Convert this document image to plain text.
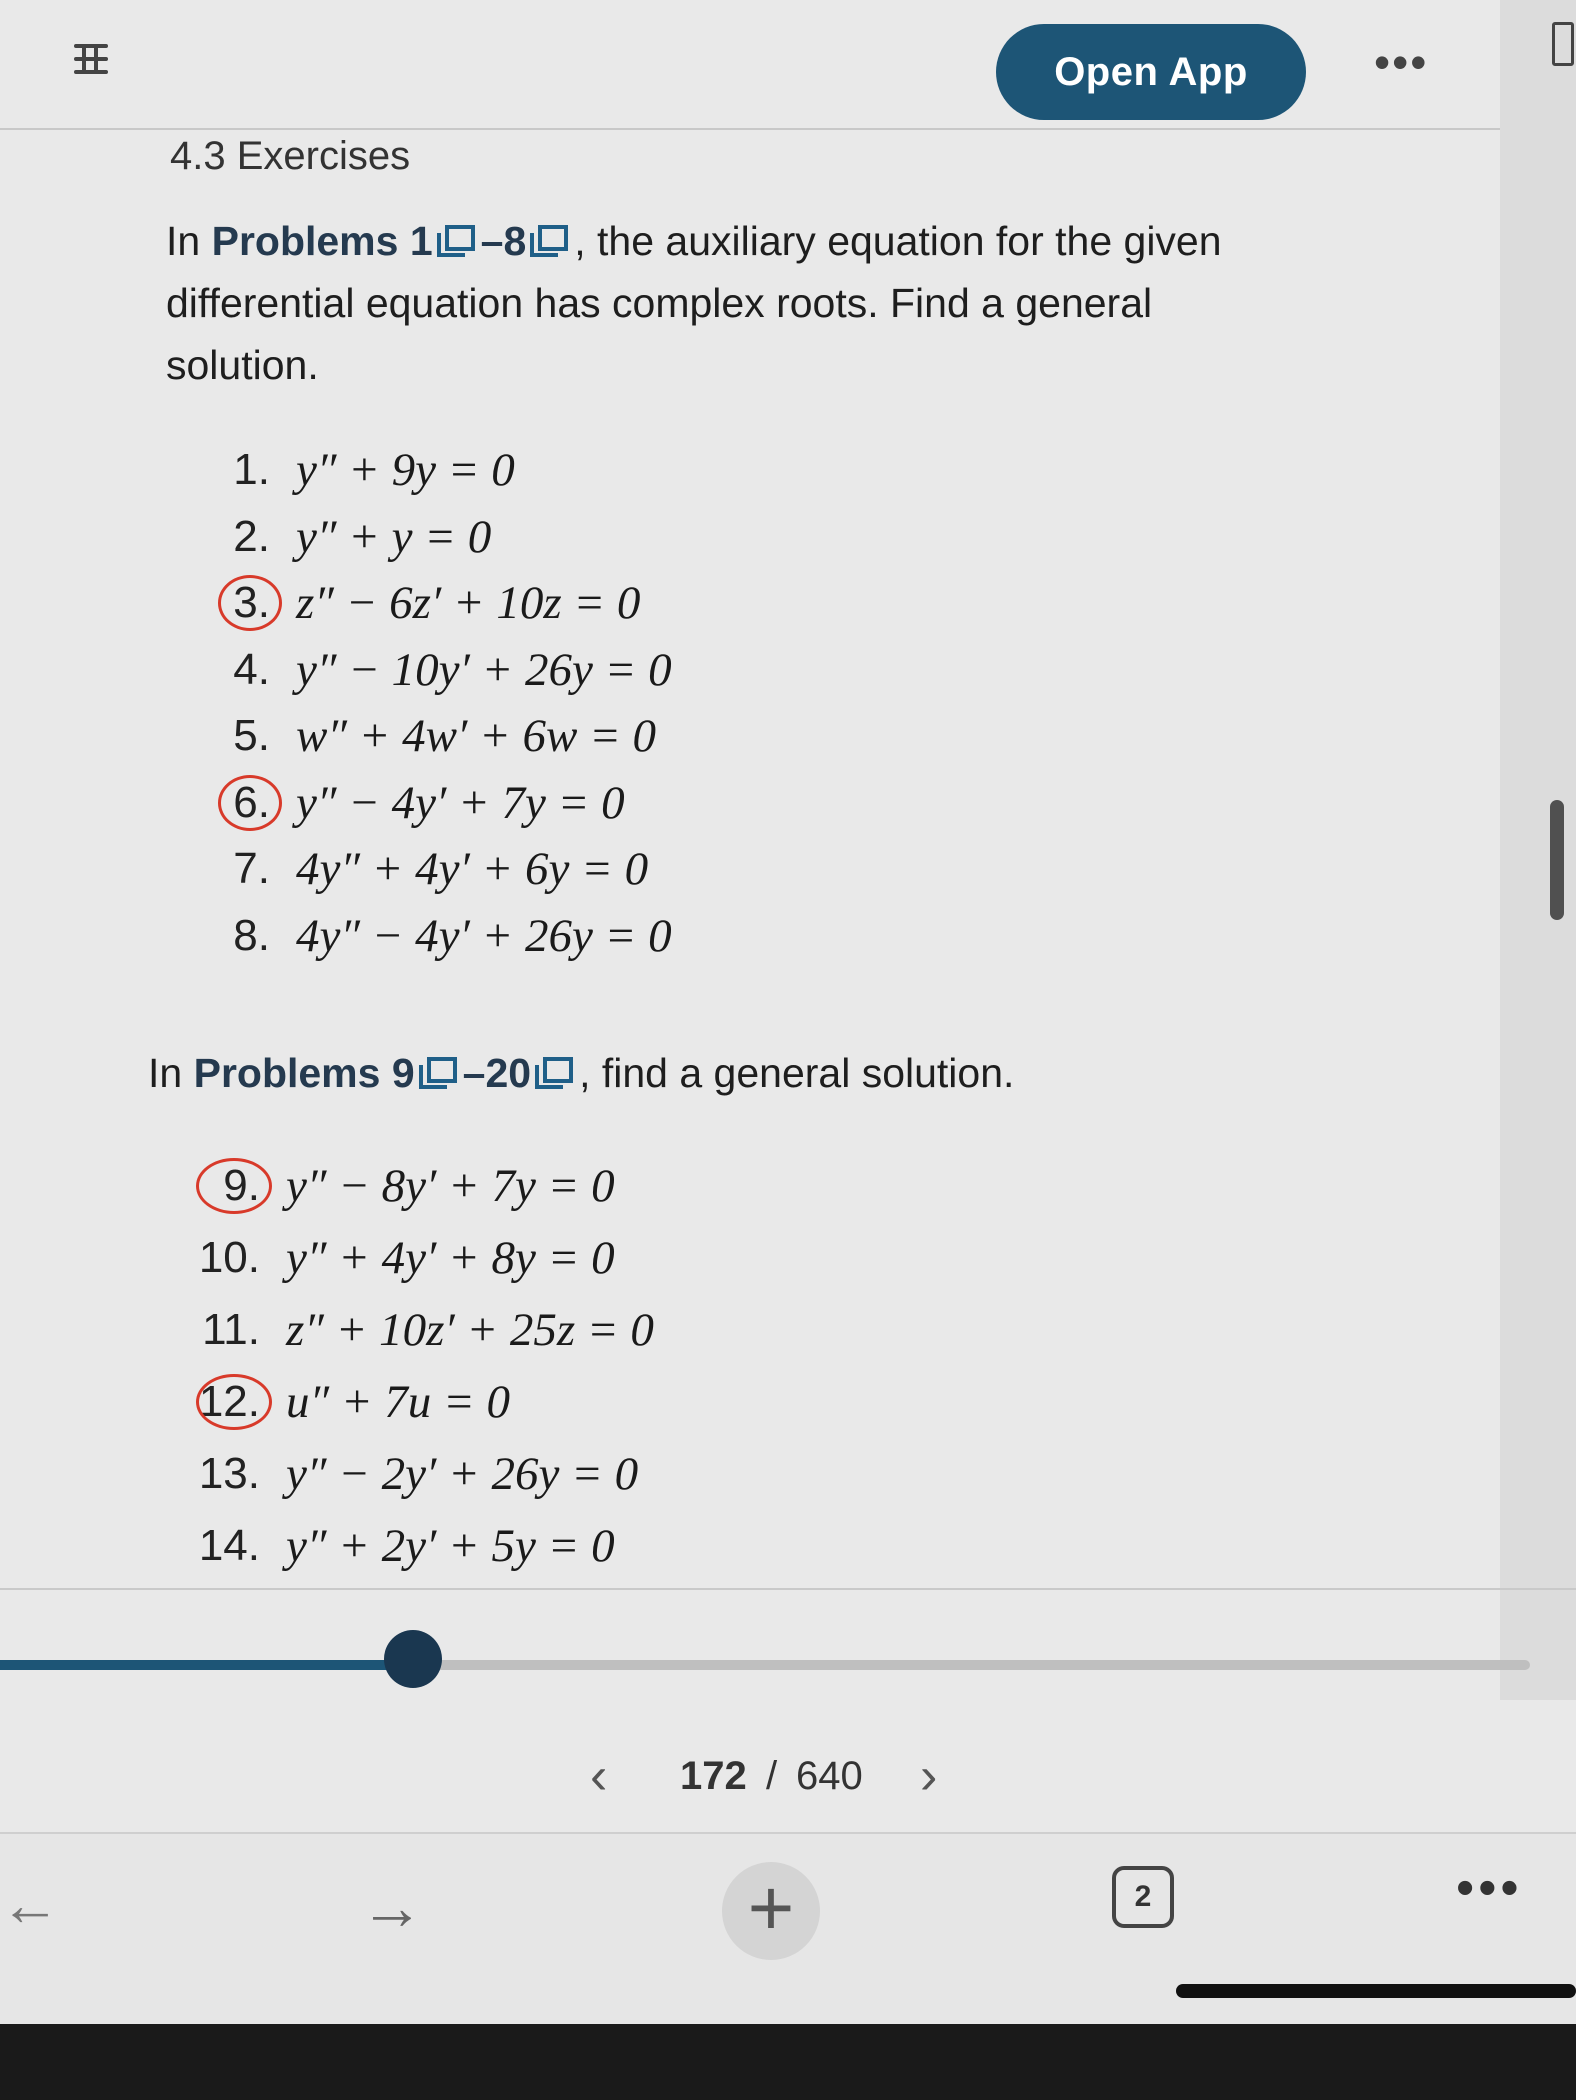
Open App	•••
4.3 Exercises
In Problems 1 –8 , the auxiliary equation for the given
differential equation has complex roots. Find a general
solution.
1. y″ + 9y = 0
2. y″ + y = 0
3. z″ − 6z′ + 10z = 0
4. y″ − 10y′ + 26y = 0
5. w″ + 4w′ + 6w = 0
6. y″ − 4y′ + 7y = 0
7. 4y″ + 4y′ + 6y = 0
8. 4y″ − 4y′ + 26y = 0
In Problems 9 –20 , find a general solution.
9. y″ − 8y′ + 7y = 0
10. y″ + 4y′ + 8y = 0
11. z″ + 10z′ + 25z = 0
12. u″ + 7u = 0
13. y″ − 2y′ + 26y = 0
14. y″ + 2y′ + 5y = 0
‹ 172 / 640 ›
←	→	+	2	•••
